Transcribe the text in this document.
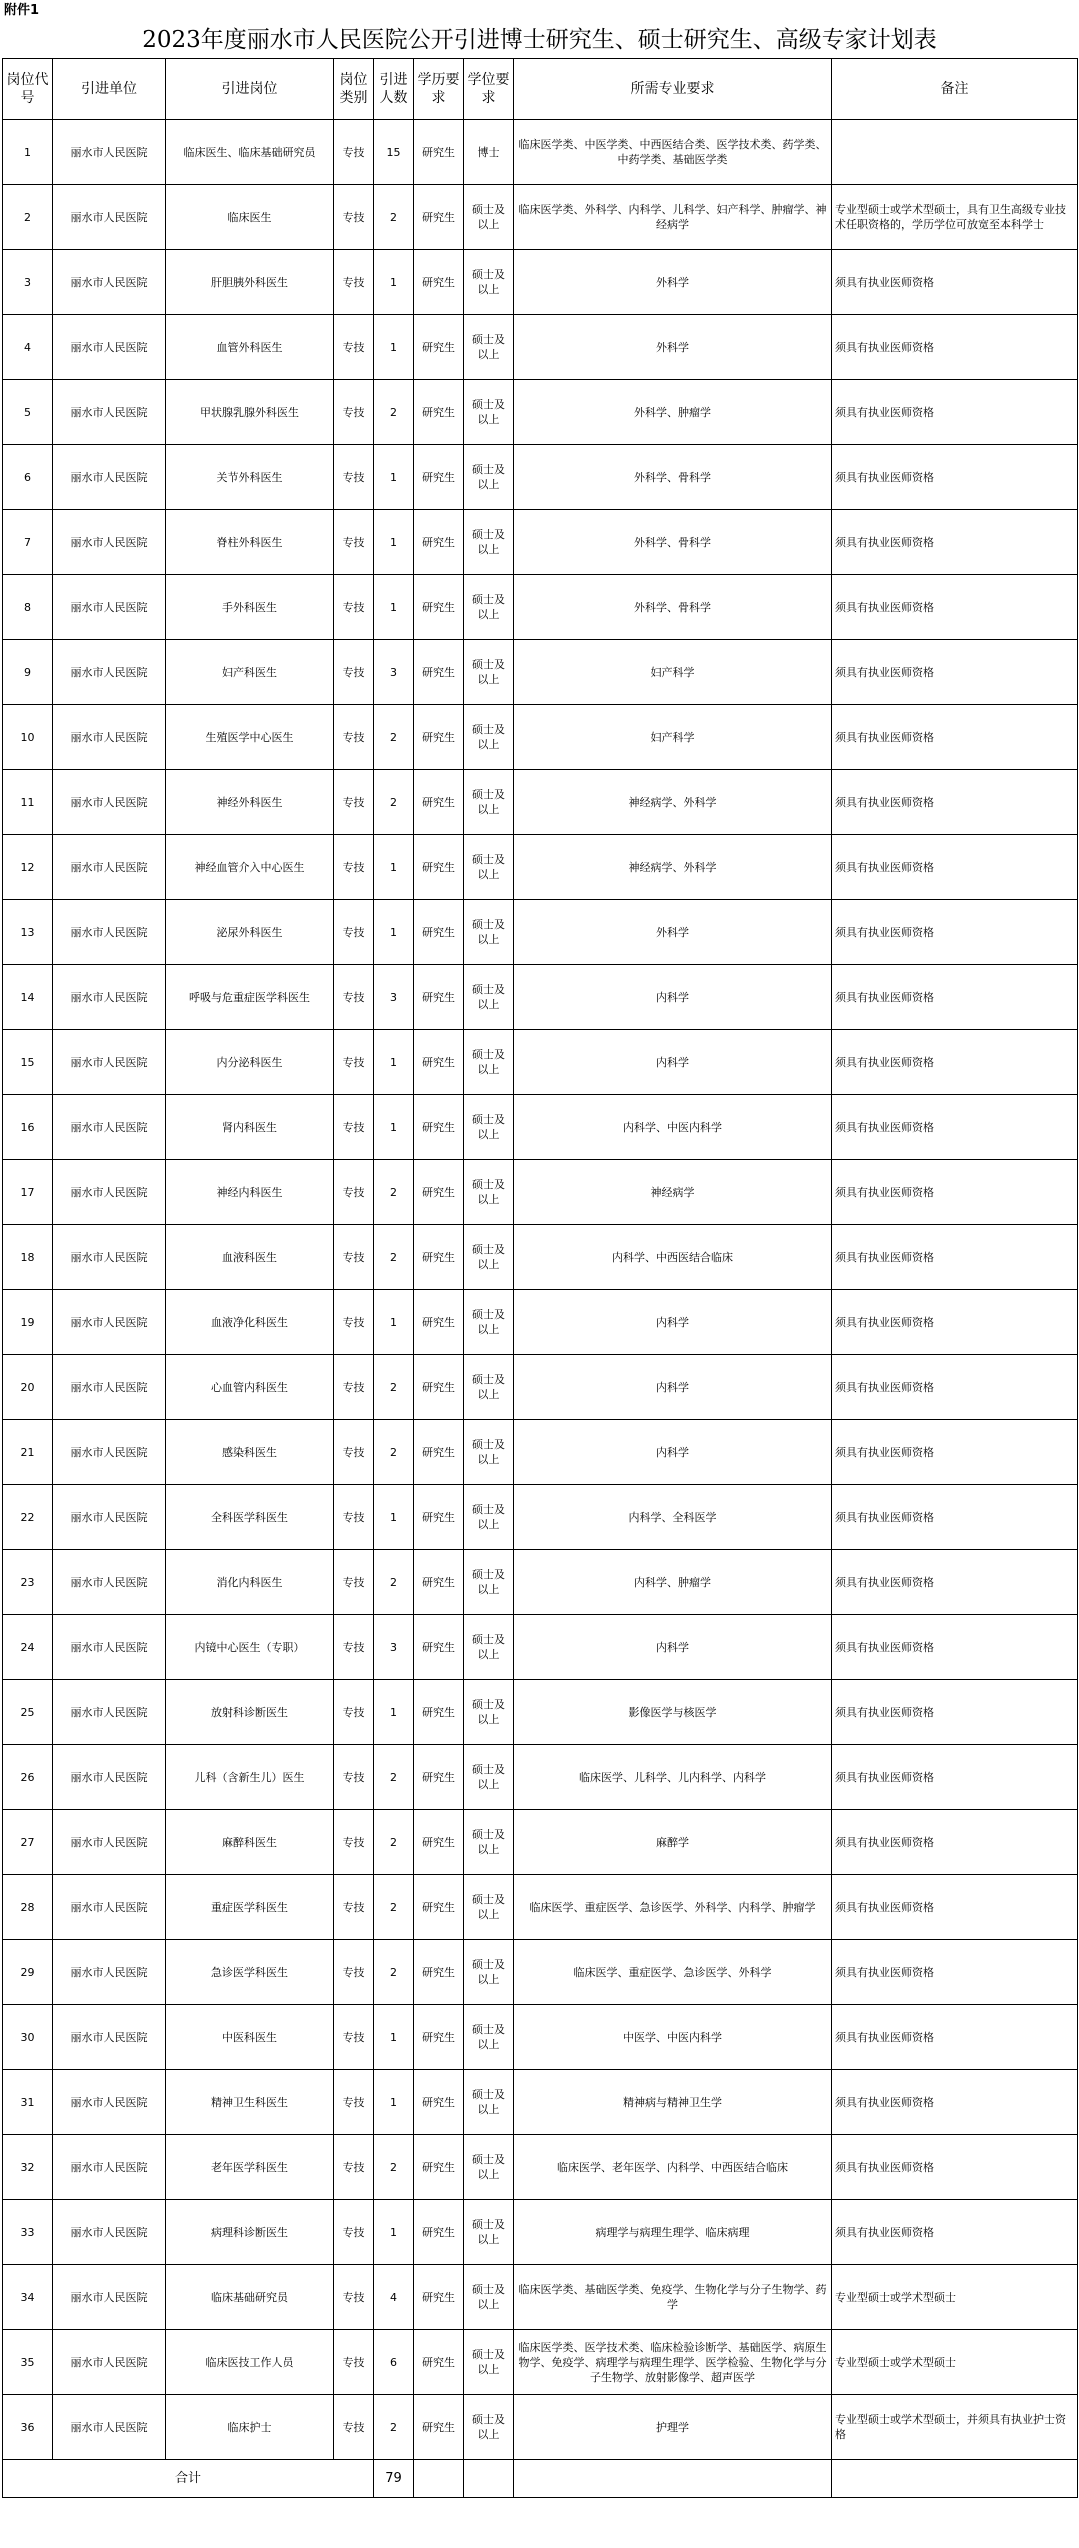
附件1
2023年度丽水市人民医院公开引进博士研究生、硕士研究生、高级专家计划表
岗位代号	引进单位	引进岗位	岗位类别	引进人数	学历要求	学位要求	所需专业要求	备注
1	丽水市人民医院	临床医生、临床基础研究员	专技	15	研究生	博士	临床医学类、中医学类、中西医结合类、医学技术类、药学类、中药学类、基础医学类	
2	丽水市人民医院	临床医生	专技	2	研究生	硕士及以上	临床医学类、外科学、内科学、儿科学、妇产科学、肿瘤学、神经病学	专业型硕士或学术型硕士，具有卫生高级专业技术任职资格的，学历学位可放宽至本科学士
3	丽水市人民医院	肝胆胰外科医生	专技	1	研究生	硕士及以上	外科学	须具有执业医师资格
4	丽水市人民医院	血管外科医生	专技	1	研究生	硕士及以上	外科学	须具有执业医师资格
5	丽水市人民医院	甲状腺乳腺外科医生	专技	2	研究生	硕士及以上	外科学、肿瘤学	须具有执业医师资格
6	丽水市人民医院	关节外科医生	专技	1	研究生	硕士及以上	外科学、骨科学	须具有执业医师资格
7	丽水市人民医院	脊柱外科医生	专技	1	研究生	硕士及以上	外科学、骨科学	须具有执业医师资格
8	丽水市人民医院	手外科医生	专技	1	研究生	硕士及以上	外科学、骨科学	须具有执业医师资格
9	丽水市人民医院	妇产科医生	专技	3	研究生	硕士及以上	妇产科学	须具有执业医师资格
10	丽水市人民医院	生殖医学中心医生	专技	2	研究生	硕士及以上	妇产科学	须具有执业医师资格
11	丽水市人民医院	神经外科医生	专技	2	研究生	硕士及以上	神经病学、外科学	须具有执业医师资格
12	丽水市人民医院	神经血管介入中心医生	专技	1	研究生	硕士及以上	神经病学、外科学	须具有执业医师资格
13	丽水市人民医院	泌尿外科医生	专技	1	研究生	硕士及以上	外科学	须具有执业医师资格
14	丽水市人民医院	呼吸与危重症医学科医生	专技	3	研究生	硕士及以上	内科学	须具有执业医师资格
15	丽水市人民医院	内分泌科医生	专技	1	研究生	硕士及以上	内科学	须具有执业医师资格
16	丽水市人民医院	肾内科医生	专技	1	研究生	硕士及以上	内科学、中医内科学	须具有执业医师资格
17	丽水市人民医院	神经内科医生	专技	2	研究生	硕士及以上	神经病学	须具有执业医师资格
18	丽水市人民医院	血液科医生	专技	2	研究生	硕士及以上	内科学、中西医结合临床	须具有执业医师资格
19	丽水市人民医院	血液净化科医生	专技	1	研究生	硕士及以上	内科学	须具有执业医师资格
20	丽水市人民医院	心血管内科医生	专技	2	研究生	硕士及以上	内科学	须具有执业医师资格
21	丽水市人民医院	感染科医生	专技	2	研究生	硕士及以上	内科学	须具有执业医师资格
22	丽水市人民医院	全科医学科医生	专技	1	研究生	硕士及以上	内科学、全科医学	须具有执业医师资格
23	丽水市人民医院	消化内科医生	专技	2	研究生	硕士及以上	内科学、肿瘤学	须具有执业医师资格
24	丽水市人民医院	内镜中心医生（专职）	专技	3	研究生	硕士及以上	内科学	须具有执业医师资格
25	丽水市人民医院	放射科诊断医生	专技	1	研究生	硕士及以上	影像医学与核医学	须具有执业医师资格
26	丽水市人民医院	儿科（含新生儿）医生	专技	2	研究生	硕士及以上	临床医学、儿科学、儿内科学、内科学	须具有执业医师资格
27	丽水市人民医院	麻醉科医生	专技	2	研究生	硕士及以上	麻醉学	须具有执业医师资格
28	丽水市人民医院	重症医学科医生	专技	2	研究生	硕士及以上	临床医学、重症医学、急诊医学、外科学、内科学、肿瘤学	须具有执业医师资格
29	丽水市人民医院	急诊医学科医生	专技	2	研究生	硕士及以上	临床医学、重症医学、急诊医学、外科学	须具有执业医师资格
30	丽水市人民医院	中医科医生	专技	1	研究生	硕士及以上	中医学、中医内科学	须具有执业医师资格
31	丽水市人民医院	精神卫生科医生	专技	1	研究生	硕士及以上	精神病与精神卫生学	须具有执业医师资格
32	丽水市人民医院	老年医学科医生	专技	2	研究生	硕士及以上	临床医学、老年医学、内科学、中西医结合临床	须具有执业医师资格
33	丽水市人民医院	病理科诊断医生	专技	1	研究生	硕士及以上	病理学与病理生理学、临床病理	须具有执业医师资格
34	丽水市人民医院	临床基础研究员	专技	4	研究生	硕士及以上	临床医学类、基础医学类、免疫学、生物化学与分子生物学、药学	专业型硕士或学术型硕士
35	丽水市人民医院	临床医技工作人员	专技	6	研究生	硕士及以上	临床医学类、医学技术类、临床检验诊断学、基础医学、病原生物学、免疫学、病理学与病理生理学、医学检验、生物化学与分子生物学、放射影像学、超声医学	专业型硕士或学术型硕士
36	丽水市人民医院	临床护士	专技	2	研究生	硕士及以上	护理学	专业型硕士或学术型硕士，并须具有执业护士资格
合计				79				
